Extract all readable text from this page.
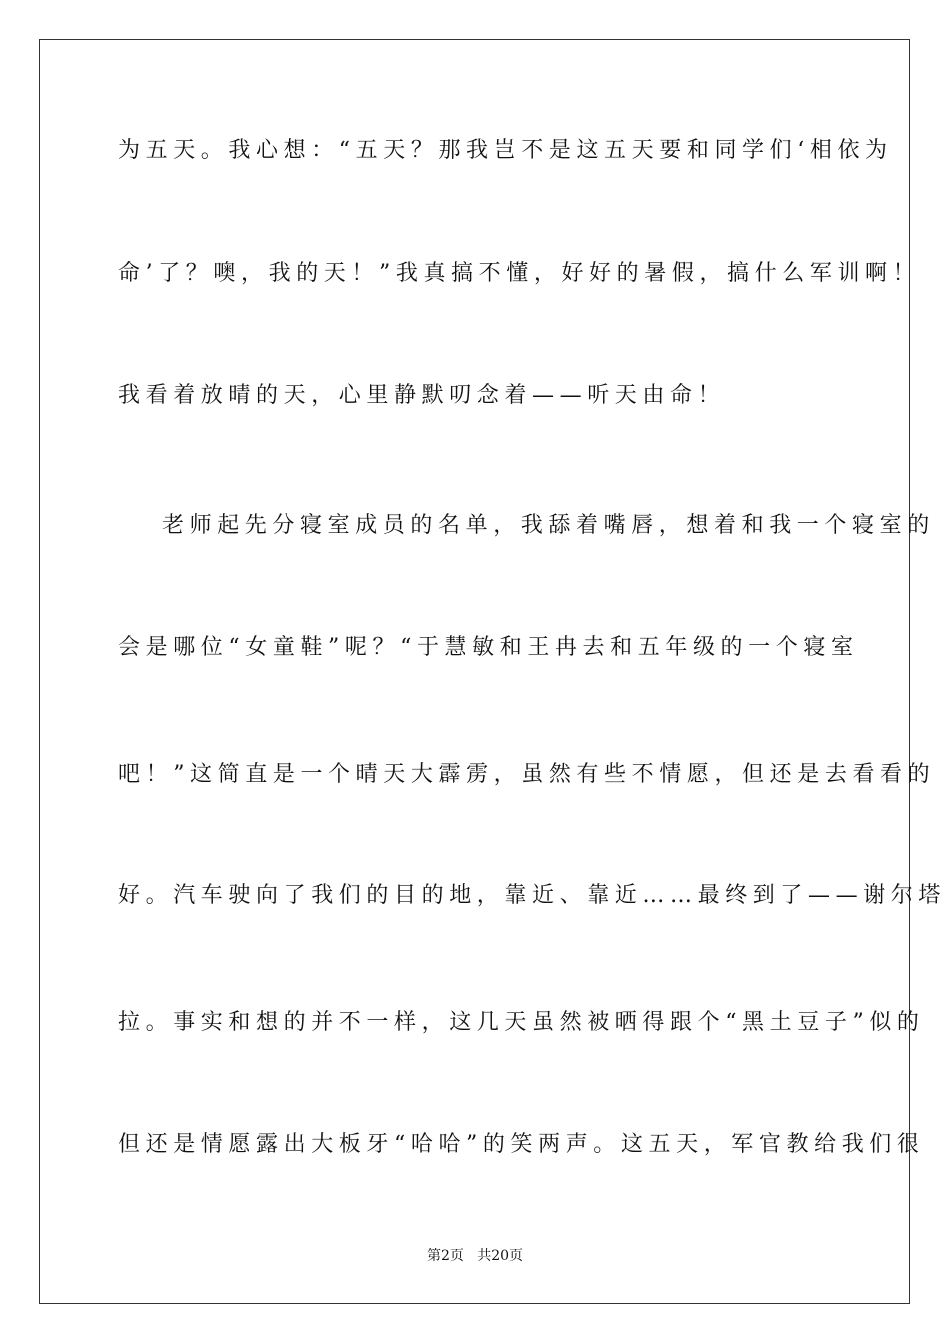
为五天。我心想：“五天？那我岂不是这五天要和同学们‘相依为
命’了？噢，我的天！”我真搞不懂，好好的暑假，搞什么军训啊！
我看着放晴的天，心里静默叨念着——听天由命！
老师起先分寝室成员的名单，我舔着嘴唇，想着和我一个寝室的
会是哪位“女童鞋”呢？“于慧敏和王冉去和五年级的一个寝室
吧！”这简直是一个晴天大霹雳，虽然有些不情愿，但还是去看看的
好。汽车驶向了我们的目的地，靠近、靠近……最终到了——谢尔塔
拉。事实和想的并不一样，这几天虽然被晒得跟个“黑土豆子”似的
但还是情愿露出大板牙“哈哈”的笑两声。这五天，军官教给我们很
第2页   共20页
